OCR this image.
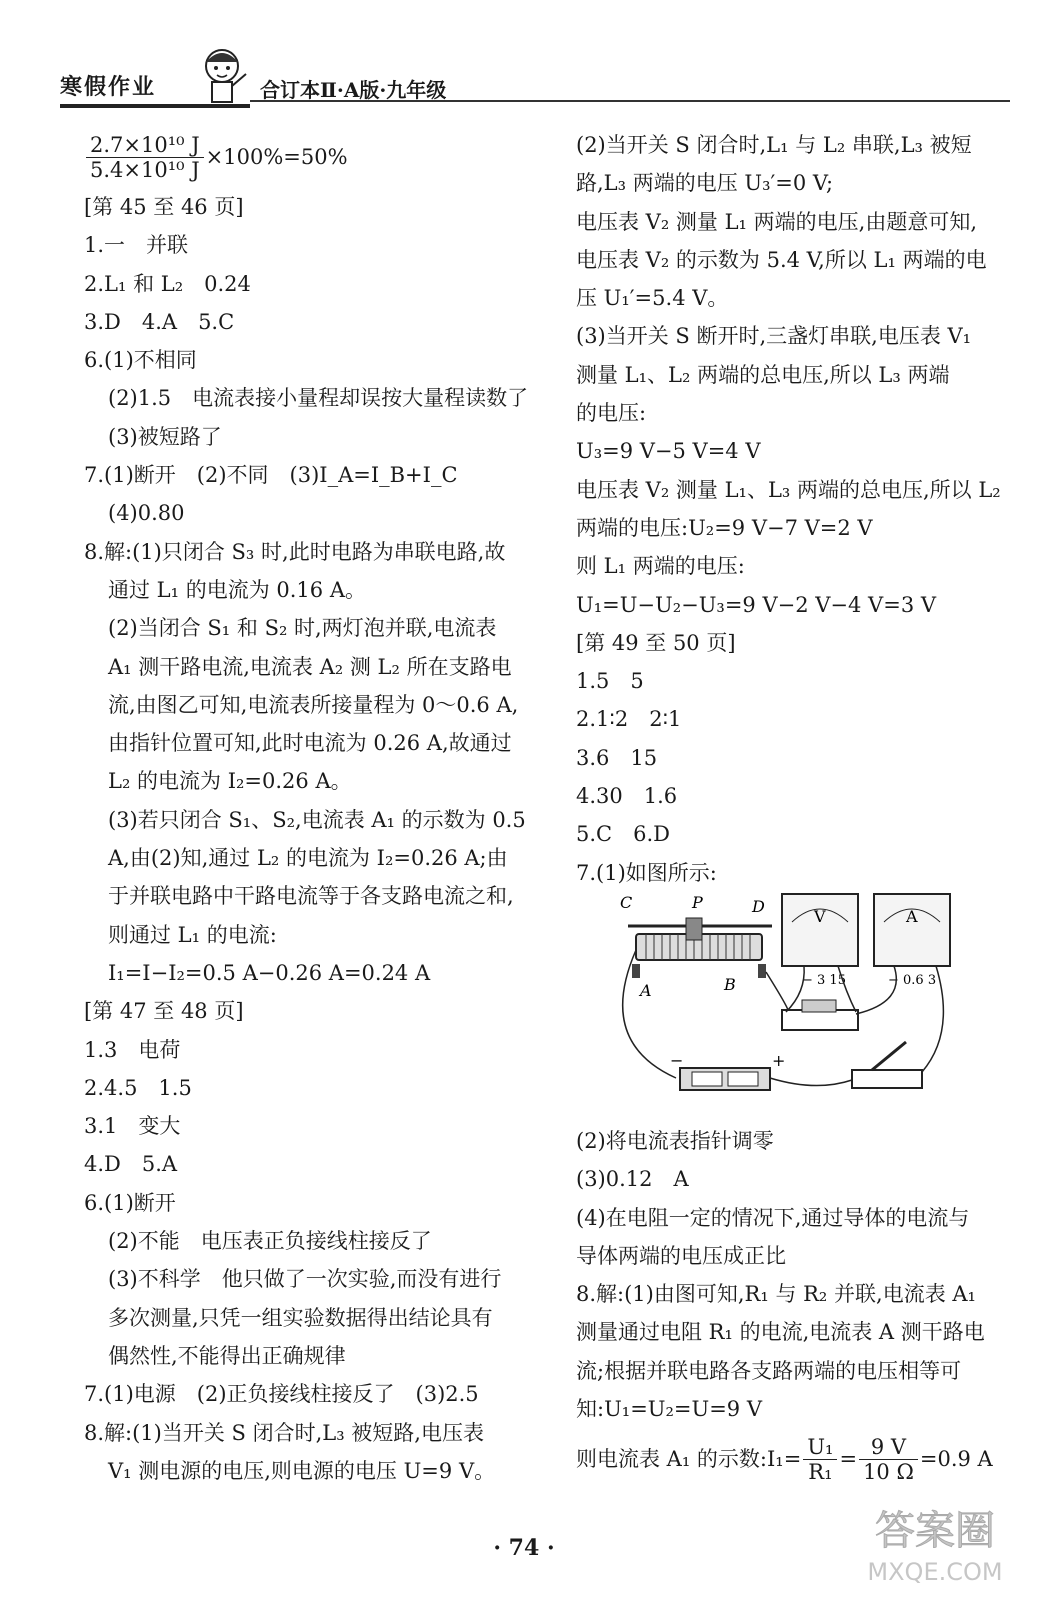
寒假作业	合订本Ⅱ·A版·九年级
$\frac{\text{2.7×10¹⁰ J}}{\text{5.4×10¹⁰ J}} \times 100\%=50\%$
[第 45 至 46 页]
1.一　并联
2.L₁ 和 L₂　0.24
3.D　4.A　5.C
6.(1)不相同
(2)1.5　电流表接小量程却误按大量程读数了
(3)被短路了
7.(1)断开　(2)不同　(3)I_A=I_B+I_C
(4)0.80
8.解:(1)只闭合 S₃ 时,此时电路为串联电路,故
通过 L₁ 的电流为 0.16 A。
(2)当闭合 S₁ 和 S₂ 时,两灯泡并联,电流表
A₁ 测干路电流,电流表 A₂ 测 L₂ 所在支路电
流,由图乙可知,电流表所接量程为 0～0.6 A,
由指针位置可知,此时电流为 0.26 A,故通过
L₂ 的电流为 I₂=0.26 A。
(3)若只闭合 S₁、S₂,电流表 A₁ 的示数为 0.5
A,由(2)知,通过 L₂ 的电流为 I₂=0.26 A;由
于并联电路中干路电流等于各支路电流之和,
则通过 L₁ 的电流:
I₁=I−I₂=0.5 A−0.26 A=0.24 A
[第 47 至 48 页]
1.3　电荷
2.4.5　1.5
3.1　变大
4.D　5.A
6.(1)断开
(2)不能　电压表正负接线柱接反了
(3)不科学　他只做了一次实验,而没有进行
多次测量,只凭一组实验数据得出结论具有
偶然性,不能得出正确规律
7.(1)电源　(2)正负接线柱接反了　(3)2.5
8.解:(1)当开关 S 闭合时,L₃ 被短路,电压表
V₁ 测电源的电压,则电源的电压 U=9 V。
(2)当开关 S 闭合时,L₁ 与 L₂ 串联,L₃ 被短
路,L₃ 两端的电压 U₃′=0 V;
电压表 V₂ 测量 L₁ 两端的电压,由题意可知,
电压表 V₂ 的示数为 5.4 V,所以 L₁ 两端的电
压 U₁′=5.4 V。
(3)当开关 S 断开时,三盏灯串联,电压表 V₁
测量 L₁、L₂ 两端的总电压,所以 L₃ 两端
的电压:
U₃=9 V−5 V=4 V
电压表 V₂ 测量 L₁、L₃ 两端的总电压,所以 L₂
两端的电压:U₂=9 V−7 V=2 V
则 L₁ 两端的电压:
U₁=U−U₂−U₃=9 V−2 V−4 V=3 V
[第 49 至 50 页]
1.5　5
2.1∶2　2∶1
3.6　15
4.30　1.6
5.C　6.D
7.(1)如图所示:
C	P	D
A	B
V
− 3 15
A
− 0.6 3
−	+
(2)将电流表指针调零
(3)0.12　A
(4)在电阻一定的情况下,通过导体的电流与
导体两端的电压成正比
8.解:(1)由图可知,R₁ 与 R₂ 并联,电流表 A₁
测量通过电阻 R₁ 的电流,电流表 A 测干路电
流;根据并联电路各支路两端的电压相等可
知:U₁=U₂=U=9 V
则电流表 A₁ 的示数:I₁= $\frac{\text{U₁}}{\text{R₁}} = \frac{9 V}{10 \Omega} =0.9$ A
· 74 ·	答案圈
MXQE.COM
